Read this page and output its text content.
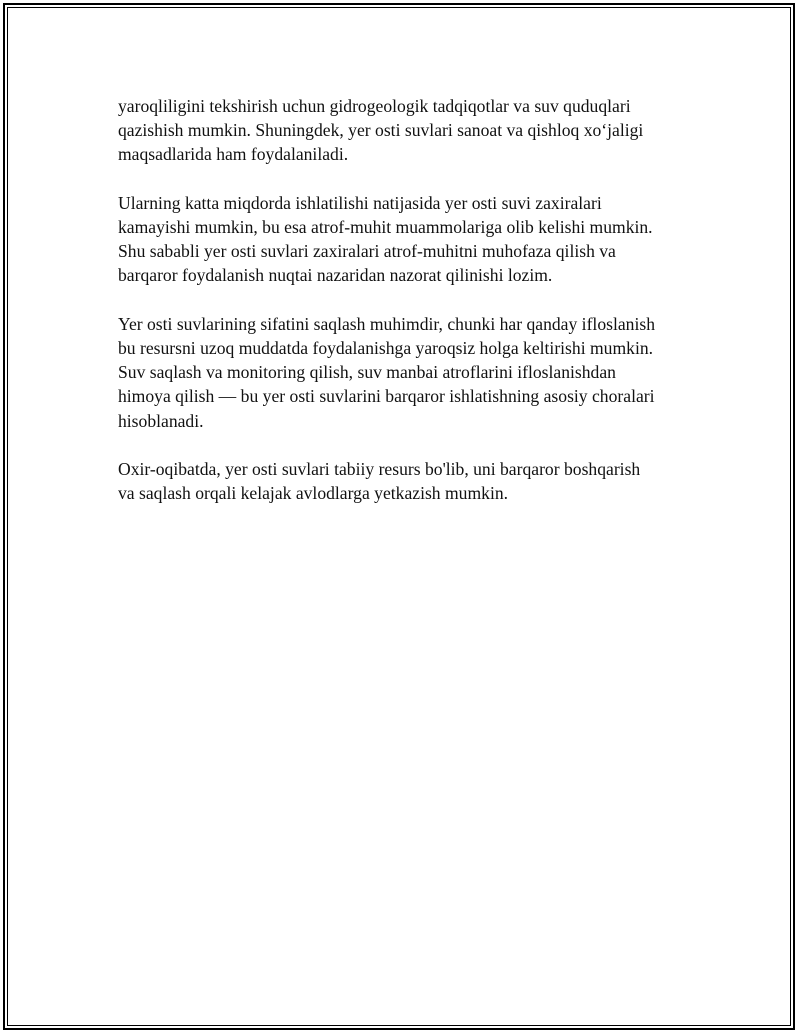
yaroqliligini tekshirish uchun gidrogeologik tadqiqotlar va suv quduqlari
qazishish mumkin. Shuningdek, yer osti suvlari sanoat va qishloq xo‘jaligi
maqsadlarida ham foydalaniladi.

Ularning katta miqdorda ishlatilishi natijasida yer osti suvi zaxiralari
kamayishi mumkin, bu esa atrof-muhit muammolariga olib kelishi mumkin.
Shu sababli yer osti suvlari zaxiralari atrof-muhitni muhofaza qilish va
barqaror foydalanish nuqtai nazaridan nazorat qilinishi lozim.

Yer osti suvlarining sifatini saqlash muhimdir, chunki har qanday ifloslanish
bu resursni uzoq muddatda foydalanishga yaroqsiz holga keltirishi mumkin.
Suv saqlash va monitoring qilish, suv manbai atroflarini ifloslanishdan
himoya qilish — bu yer osti suvlarini barqaror ishlatishning asosiy choralari
hisoblanadi.

Oxir-oqibatda, yer osti suvlari tabiiy resurs bo'lib, uni barqaror boshqarish
va saqlash orqali kelajak avlodlarga yetkazish mumkin.
